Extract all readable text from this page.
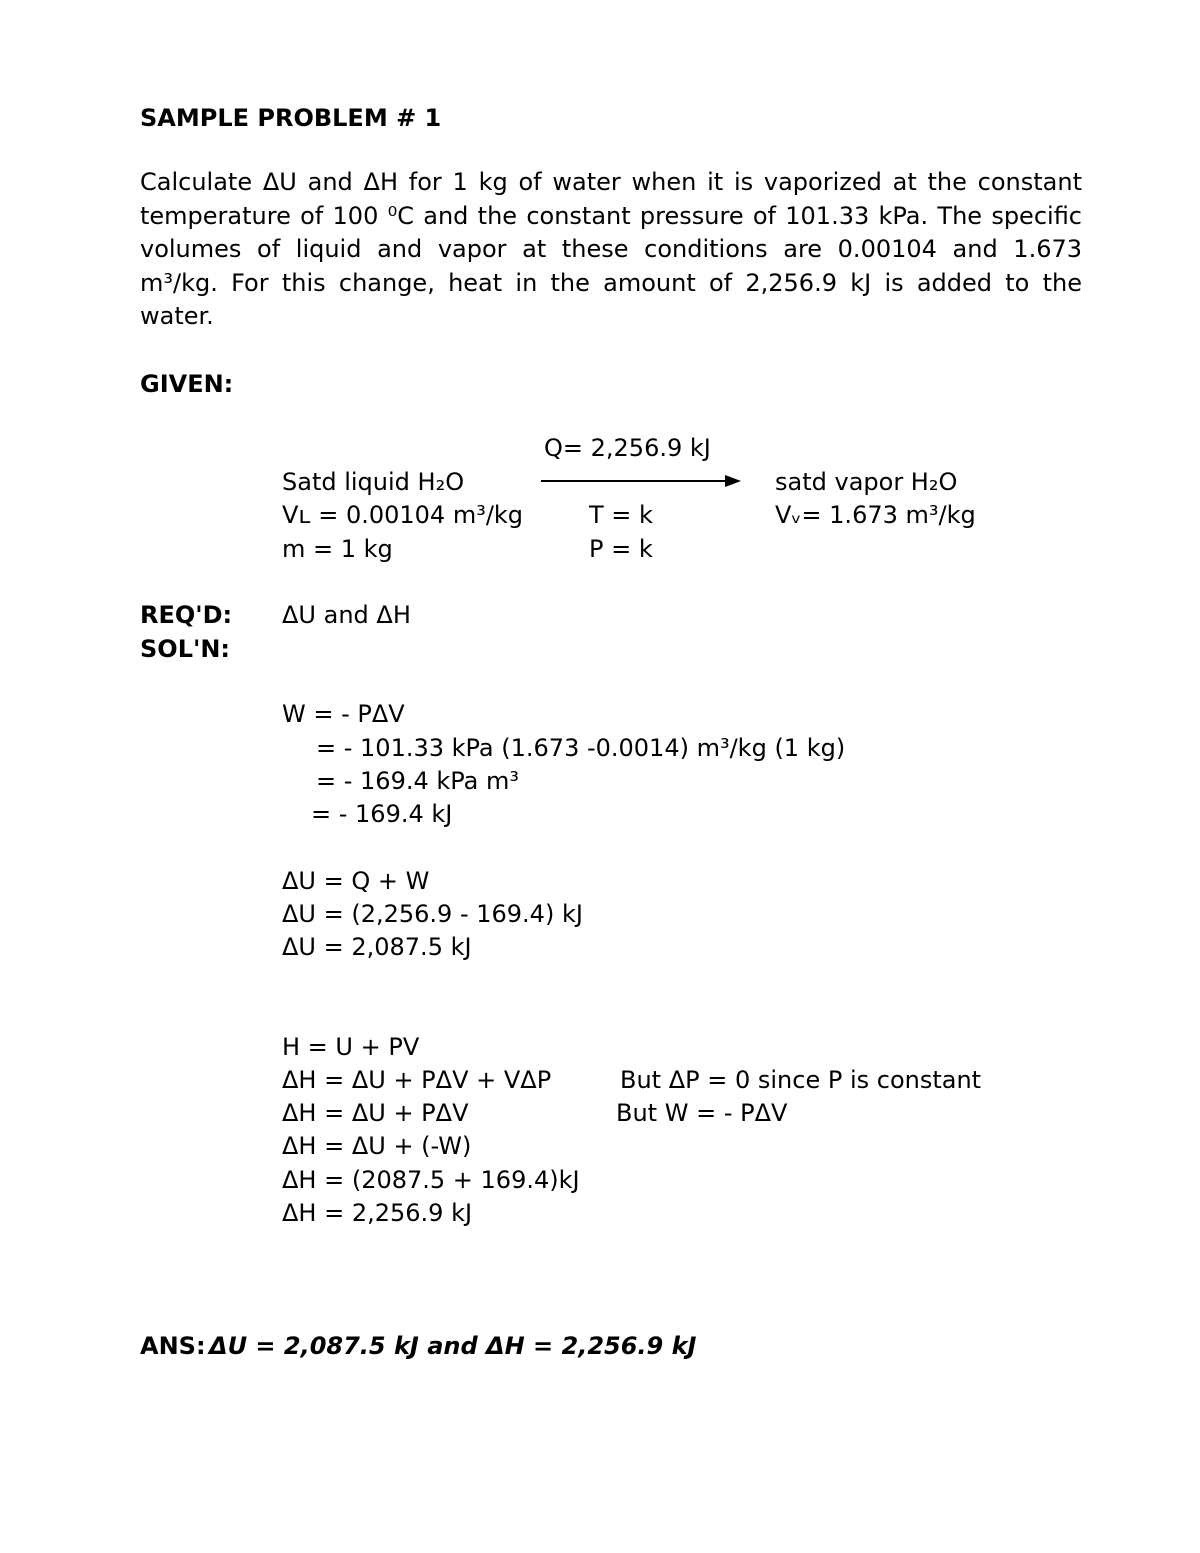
SAMPLE PROBLEM # 1
Calculate ΔU and ΔH for 1 kg of water when it is vaporized at the constant
temperature of 100 ⁰C and the constant pressure of 101.33 kPa. The specific
volumes of liquid and vapor at these conditions are 0.00104 and 1.673
m³/kg. For this change, heat in the amount of 2,256.9 kJ is added to the
water.
GIVEN:
Q= 2,256.9 kJ
Satd liquid H₂O
Vʟ = 0.00104 m³/kg
m = 1 kg
T = k
P = k
satd vapor H₂O
Vᵥ= 1.673 m³/kg
REQ'D: ΔU and ΔH
SOL'N:
W = - PΔV
= - 101.33 kPa (1.673 -0.0014) m³/kg (1 kg)
= - 169.4 kPa m³
= - 169.4 kJ
ΔU = Q + W
ΔU = (2,256.9 - 169.4) kJ
ΔU = 2,087.5 kJ
H = U + PV
ΔH = ΔU + PΔV + VΔP
ΔH = ΔU + PΔV
ΔH = ΔU + (-W)
ΔH = (2087.5 + 169.4)kJ
ΔH = 2,256.9 kJ
But ΔP = 0 since P is constant
But W = - PΔV
ANS: ΔU = 2,087.5 kJ and ΔH = 2,256.9 kJ
